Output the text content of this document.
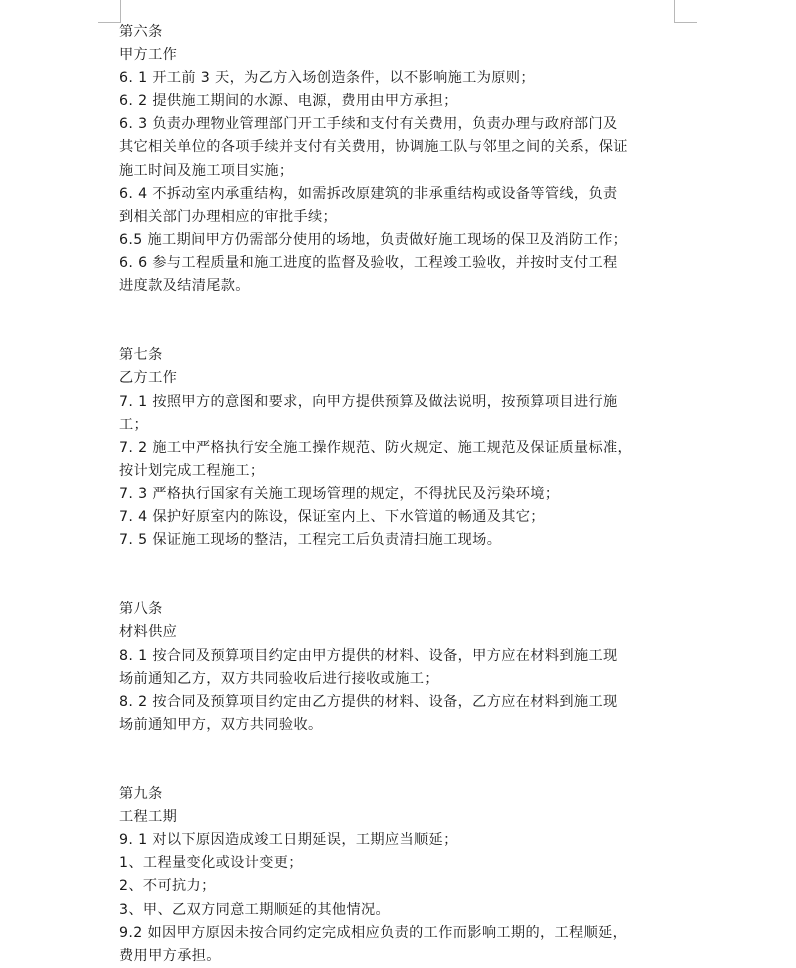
第六条
甲方工作
6. 1 开工前 3 天，为乙方入场创造条件，以不影响施工为原则；
6. 2 提供施工期间的水源、电源，费用由甲方承担；
6. 3 负责办理物业管理部门开工手续和支付有关费用，负责办理与政府部门及
其它相关单位的各项手续并支付有关费用，协调施工队与邻里之间的关系，保证
施工时间及施工项目实施；
6. 4 不拆动室内承重结构，如需拆改原建筑的非承重结构或设备等管线，负责
到相关部门办理相应的审批手续；
6.5 施工期间甲方仍需部分使用的场地，负责做好施工现场的保卫及消防工作；
6. 6 参与工程质量和施工进度的监督及验收，工程竣工验收，并按时支付工程
进度款及结清尾款。
第七条
乙方工作
7. 1 按照甲方的意图和要求，向甲方提供预算及做法说明，按预算项目进行施
工；
7. 2 施工中严格执行安全施工操作规范、防火规定、施工规范及保证质量标准，
按计划完成工程施工；
7. 3 严格执行国家有关施工现场管理的规定，不得扰民及污染环境；
7. 4 保护好原室内的陈设，保证室内上、下水管道的畅通及其它；
7. 5 保证施工现场的整洁，工程完工后负责清扫施工现场。
第八条
材料供应
8. 1 按合同及预算项目约定由甲方提供的材料、设备，甲方应在材料到施工现
场前通知乙方，双方共同验收后进行接收或施工；
8. 2 按合同及预算项目约定由乙方提供的材料、设备，乙方应在材料到施工现
场前通知甲方，双方共同验收。
第九条
工程工期
9. 1 对以下原因造成竣工日期延误，工期应当顺延；
1、工程量变化或设计变更；
2、不可抗力；
3、甲、乙双方同意工期顺延的其他情况。
9.2 如因甲方原因未按合同约定完成相应负责的工作而影响工期的，工程顺延，
费用甲方承担。
